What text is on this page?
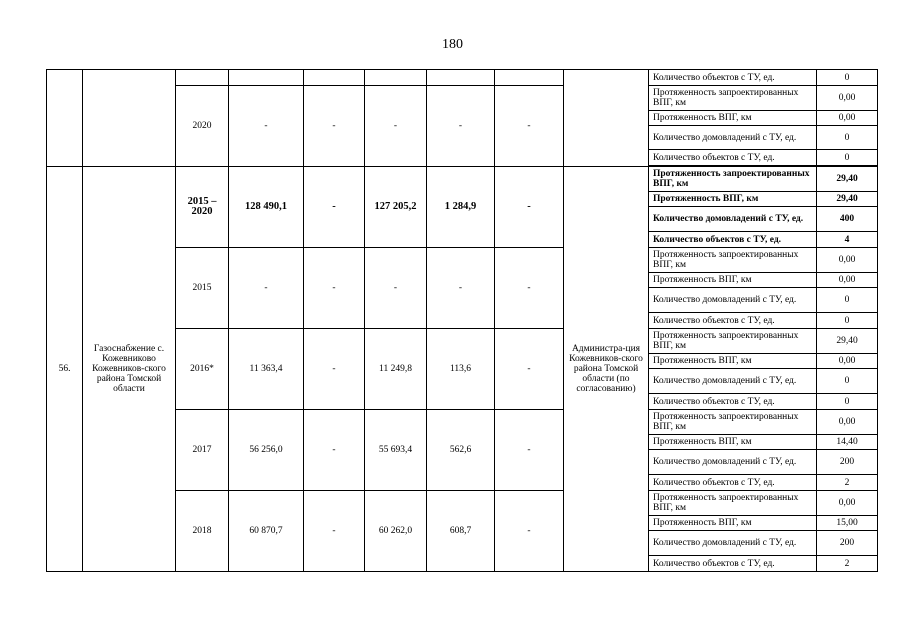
180
									Количество объектов с ТУ, ед.	0
		2020	-	-	-	-	-		Протяженность запроектированных ВПГ, км	0,00
									Протяженность ВПГ, км	0,00
									Количество домовладений с ТУ, ед.	0
									Количество объектов с ТУ, ед.	0

56.	Газоснабжение с. Кожевниково Кожевников-ского района Томской области	2015 – 2020	128 490,1	-	127 205,2	1 284,9	-	Администра-ция Кожевников-ского района Томской области (по согласованию)	Протяженность запроектированных ВПГ, км	29,40
									Протяженность ВПГ, км	29,40
									Количество домовладений с ТУ, ед.	400
									Количество объектов с ТУ, ед.	4
		2015	-	-	-	-	-		Протяженность запроектированных ВПГ, км	0,00
									Протяженность ВПГ, км	0,00
									Количество домовладений с ТУ, ед.	0
									Количество объектов с ТУ, ед.	0
		2016*	11 363,4	-	11 249,8	113,6	-		Протяженность запроектированных ВПГ, км	29,40
									Протяженность ВПГ, км	0,00
									Количество домовладений с ТУ, ед.	0
									Количество объектов с ТУ, ед.	0
		2017	56 256,0	-	55 693,4	562,6	-		Протяженность запроектированных ВПГ, км	0,00
									Протяженность ВПГ, км	14,40
									Количество домовладений с ТУ, ед.	200
									Количество объектов с ТУ, ед.	2
		2018	60 870,7	-	60 262,0	608,7	-		Протяженность запроектированных ВПГ, км	0,00
									Протяженность ВПГ, км	15,00
									Количество домовладений с ТУ, ед.	200
									Количество объектов с ТУ, ед.	2
